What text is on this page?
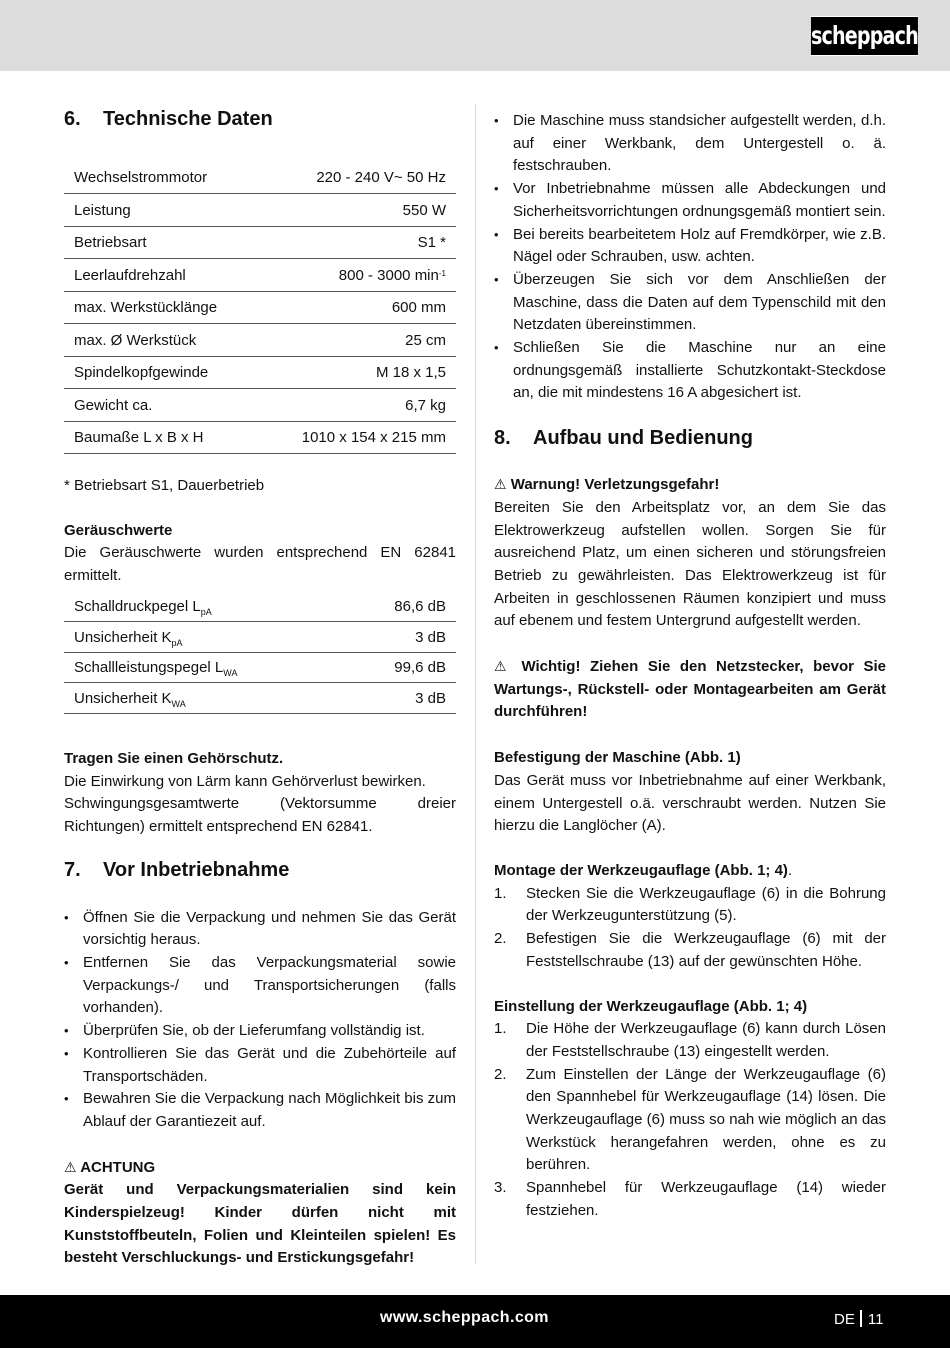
scheppach
6.	Technische Daten
Wechselstrommotor	220 - 240 V~ 50 Hz
Leistung	550 W
Betriebsart	S1 *
Leerlaufdrehzahl	800 - 3000 $\min^{-1}$
max. Werkstücklänge	600 mm
max. Ø Werkstück	25 cm
Spindelkopfgewinde	M 18 x 1,5
Gewicht ca.	6,7 kg
Baumaße L x B x H	1010 x 154 x 215 mm

* Betriebsart S1, Dauerbetrieb

Geräuschwerte

Die Geräuschwerte wurden entsprechend EN 62841 ermittelt.

Schalldruckpegel $L_{pA}$	86,6 dB
Unsicherheit $K_{pA}$	3 dB
Schallleistungspegel $L_{WA}$	99,6 dB
Unsicherheit $K_{WA}$	3 dB
Tragen Sie einen Gehörschutz.

Die Einwirkung von Lärm kann Gehörverlust bewirken.

Schwingungsgesamtwerte (Vektorsumme dreier Richtungen) ermittelt entsprechend EN 62841.

7.	Vor Inbetriebnahme
• Öffnen Sie die Verpackung und nehmen Sie das Gerät vorsichtig heraus.
• Entfernen Sie das Verpackungsmaterial sowie Verpackungs-/ und Transportsicherungen (falls vorhanden).
• Überprüfen Sie, ob der Lieferumfang vollständig ist.
• Kontrollieren Sie das Gerät und die Zubehörteile auf Transportschäden.
• Bewahren Sie die Verpackung nach Möglichkeit bis zum Ablauf der Garantiezeit auf.
⚠ ACHTUNG

Gerät und Verpackungsmaterialien sind kein Kinderspielzeug! Kinder dürfen nicht mit Kunststoffbeuteln, Folien und Kleinteilen spielen! Es besteht Verschluckungs- und Erstickungsgefahr!

• Die Maschine muss standsicher aufgestellt werden, d.h. auf einer Werkbank, dem Untergestell o. ä. festschrauben.
• Vor Inbetriebnahme müssen alle Abdeckungen und Sicherheitsvorrichtungen ordnungsgemäß montiert sein.
• Bei bereits bearbeitetem Holz auf Fremdkörper, wie z.B. Nägel oder Schrauben, usw. achten.
• Überzeugen Sie sich vor dem Anschließen der Maschine, dass die Daten auf dem Typenschild mit den Netzdaten übereinstimmen.
• Schließen Sie die Maschine nur an eine ordnungsgemäß installierte Schutzkontakt-Steckdose an, die mit mindestens 16 A abgesichert ist.
8.	Aufbau und Bedienung
⚠ Warnung! Verletzungsgefahr!

Bereiten Sie den Arbeitsplatz vor, an dem Sie das Elektrowerkzeug aufstellen wollen. Sorgen Sie für ausreichend Platz, um einen sicheren und störungsfreien Betrieb zu gewährleisten. Das Elektrowerkzeug ist für Arbeiten in geschlossenen Räumen konzipiert und muss auf ebenem und festem Untergrund aufgestellt werden.

⚠ Wichtig! Ziehen Sie den Netzstecker, bevor Sie Wartungs-, Rückstell- oder Montagearbeiten am Gerät durchführen!

Befestigung der Maschine (Abb. 1)

Das Gerät muss vor Inbetriebnahme auf einer Werkbank, einem Untergestell o.ä. verschraubt werden. Nutzen Sie hierzu die Langlöcher (A).

Montage der Werkzeugauflage (Abb. 1; 4).
1. Stecken Sie die Werkzeugauflage (6) in die Bohrung der Werkzeugunterstützung (5).
2. Befestigen Sie die Werkzeugauflage (6) mit der Feststellschraube (13) auf der gewünschten Höhe.
Einstellung der Werkzeugauflage (Abb. 1; 4)
1. Die Höhe der Werkzeugauflage (6) kann durch Lösen der Feststellschraube (13) eingestellt werden.
2. Zum Einstellen der Länge der Werkzeugauflage (6) den Spannhebel für Werkzeugauflage (14) lösen. Die Werkzeugauflage (6) muss so nah wie möglich an das Werkstück herangefahren werden, ohne es zu berühren.
3. Spannhebel für Werkzeugauflage (14) wieder festziehen.
www.scheppach.com	DE 11
